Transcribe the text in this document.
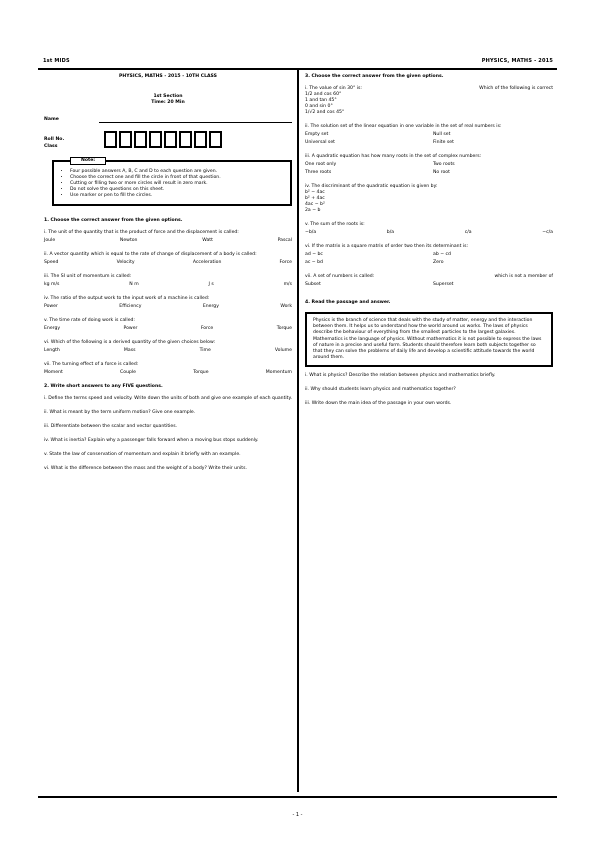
1st MIDS	PHYSICS, MATHS - 2015
PHYSICS, MATHS - 2015 - 10TH CLASS
1st Section
Time: 20 Min
Name
Roll No.
Class
Note:
• Four possible answers A, B, C and D to each question are given.
• Choose the correct one and fill the circle in front of that question.
• Cutting or filling two or more circles will result in zero mark.
• Do not solve the questions on this sheet.
• Use marker or pen to fill the circles.
1. Choose the correct answer from the given options.
i. The unit of the quantity that is the product of force and the displacement is called:
Joule	Newton	Watt	Pascal
ii. A vector quantity which is equal to the rate of change of displacement of a body is called:
Speed	Velocity	Acceleration	Force
iii. The SI unit of momentum is called:
kg m/s	N m	J s	m/s
iv. The ratio of the output work to the input work of a machine is called:
Power	Efficiency	Energy	Work
v. The time rate of doing work is called:
Energy	Power	Force	Torque
vi. Which of the following is a derived quantity of the given choices below:
Length	Mass	Time	Volume
vii. The turning effect of a force is called:
Moment	Couple	Torque	Momentum
2. Write short answers to any FIVE questions.
i. Define the terms speed and velocity. Write down the units of both and give one example of each quantity.
ii. What is meant by the term uniform motion? Give one example.
iii. Differentiate between the scalar and vector quantities.
iv. What is inertia? Explain why a passenger falls forward when a moving bus stops suddenly.
v. State the law of conservation of momentum and explain it briefly with an example.
vi. What is the difference between the mass and the weight of a body? Write their units.
3. Choose the correct answer from the given options.
i. The value of sin 30° is:	Which of the following is correct
1/2 and cos 60°
1 and tan 45°
0 and sin 0°
1/√2 and cos 45°
ii. The solution set of the linear equation in one variable in the set of real numbers is:
Empty set	Null set
Universal set	Finite set
iii. A quadratic equation has how many roots in the set of complex numbers:
One root only	Two roots
Three roots	No root
iv. The discriminant of the quadratic equation is given by:
b² − 4ac
b² + 4ac
4ac − b²
2a − b
v. The sum of the roots is:
−b/a	b/a	c/a	−c/a
vi. If the matrix is a square matrix of order two then its determinant is:
ad − bc	ab − cd
ac − bd	Zero
vii. A set of numbers is called:	which is not a member of
Subset	Superset
4. Read the passage and answer.
Physics is the branch of science that deals with the study of matter, energy and the interaction between them. It helps us to understand how the world around us works. The laws of physics describe the behaviour of everything from the smallest particles to the largest galaxies. Mathematics is the language of physics. Without mathematics it is not possible to express the laws of nature in a precise and useful form. Students should therefore learn both subjects together so that they can solve the problems of daily life and develop a scientific attitude towards the world around them.
i. What is physics? Describe the relation between physics and mathematics briefly.
ii. Why should students learn physics and mathematics together?
iii. Write down the main idea of the passage in your own words.
- 1 -
